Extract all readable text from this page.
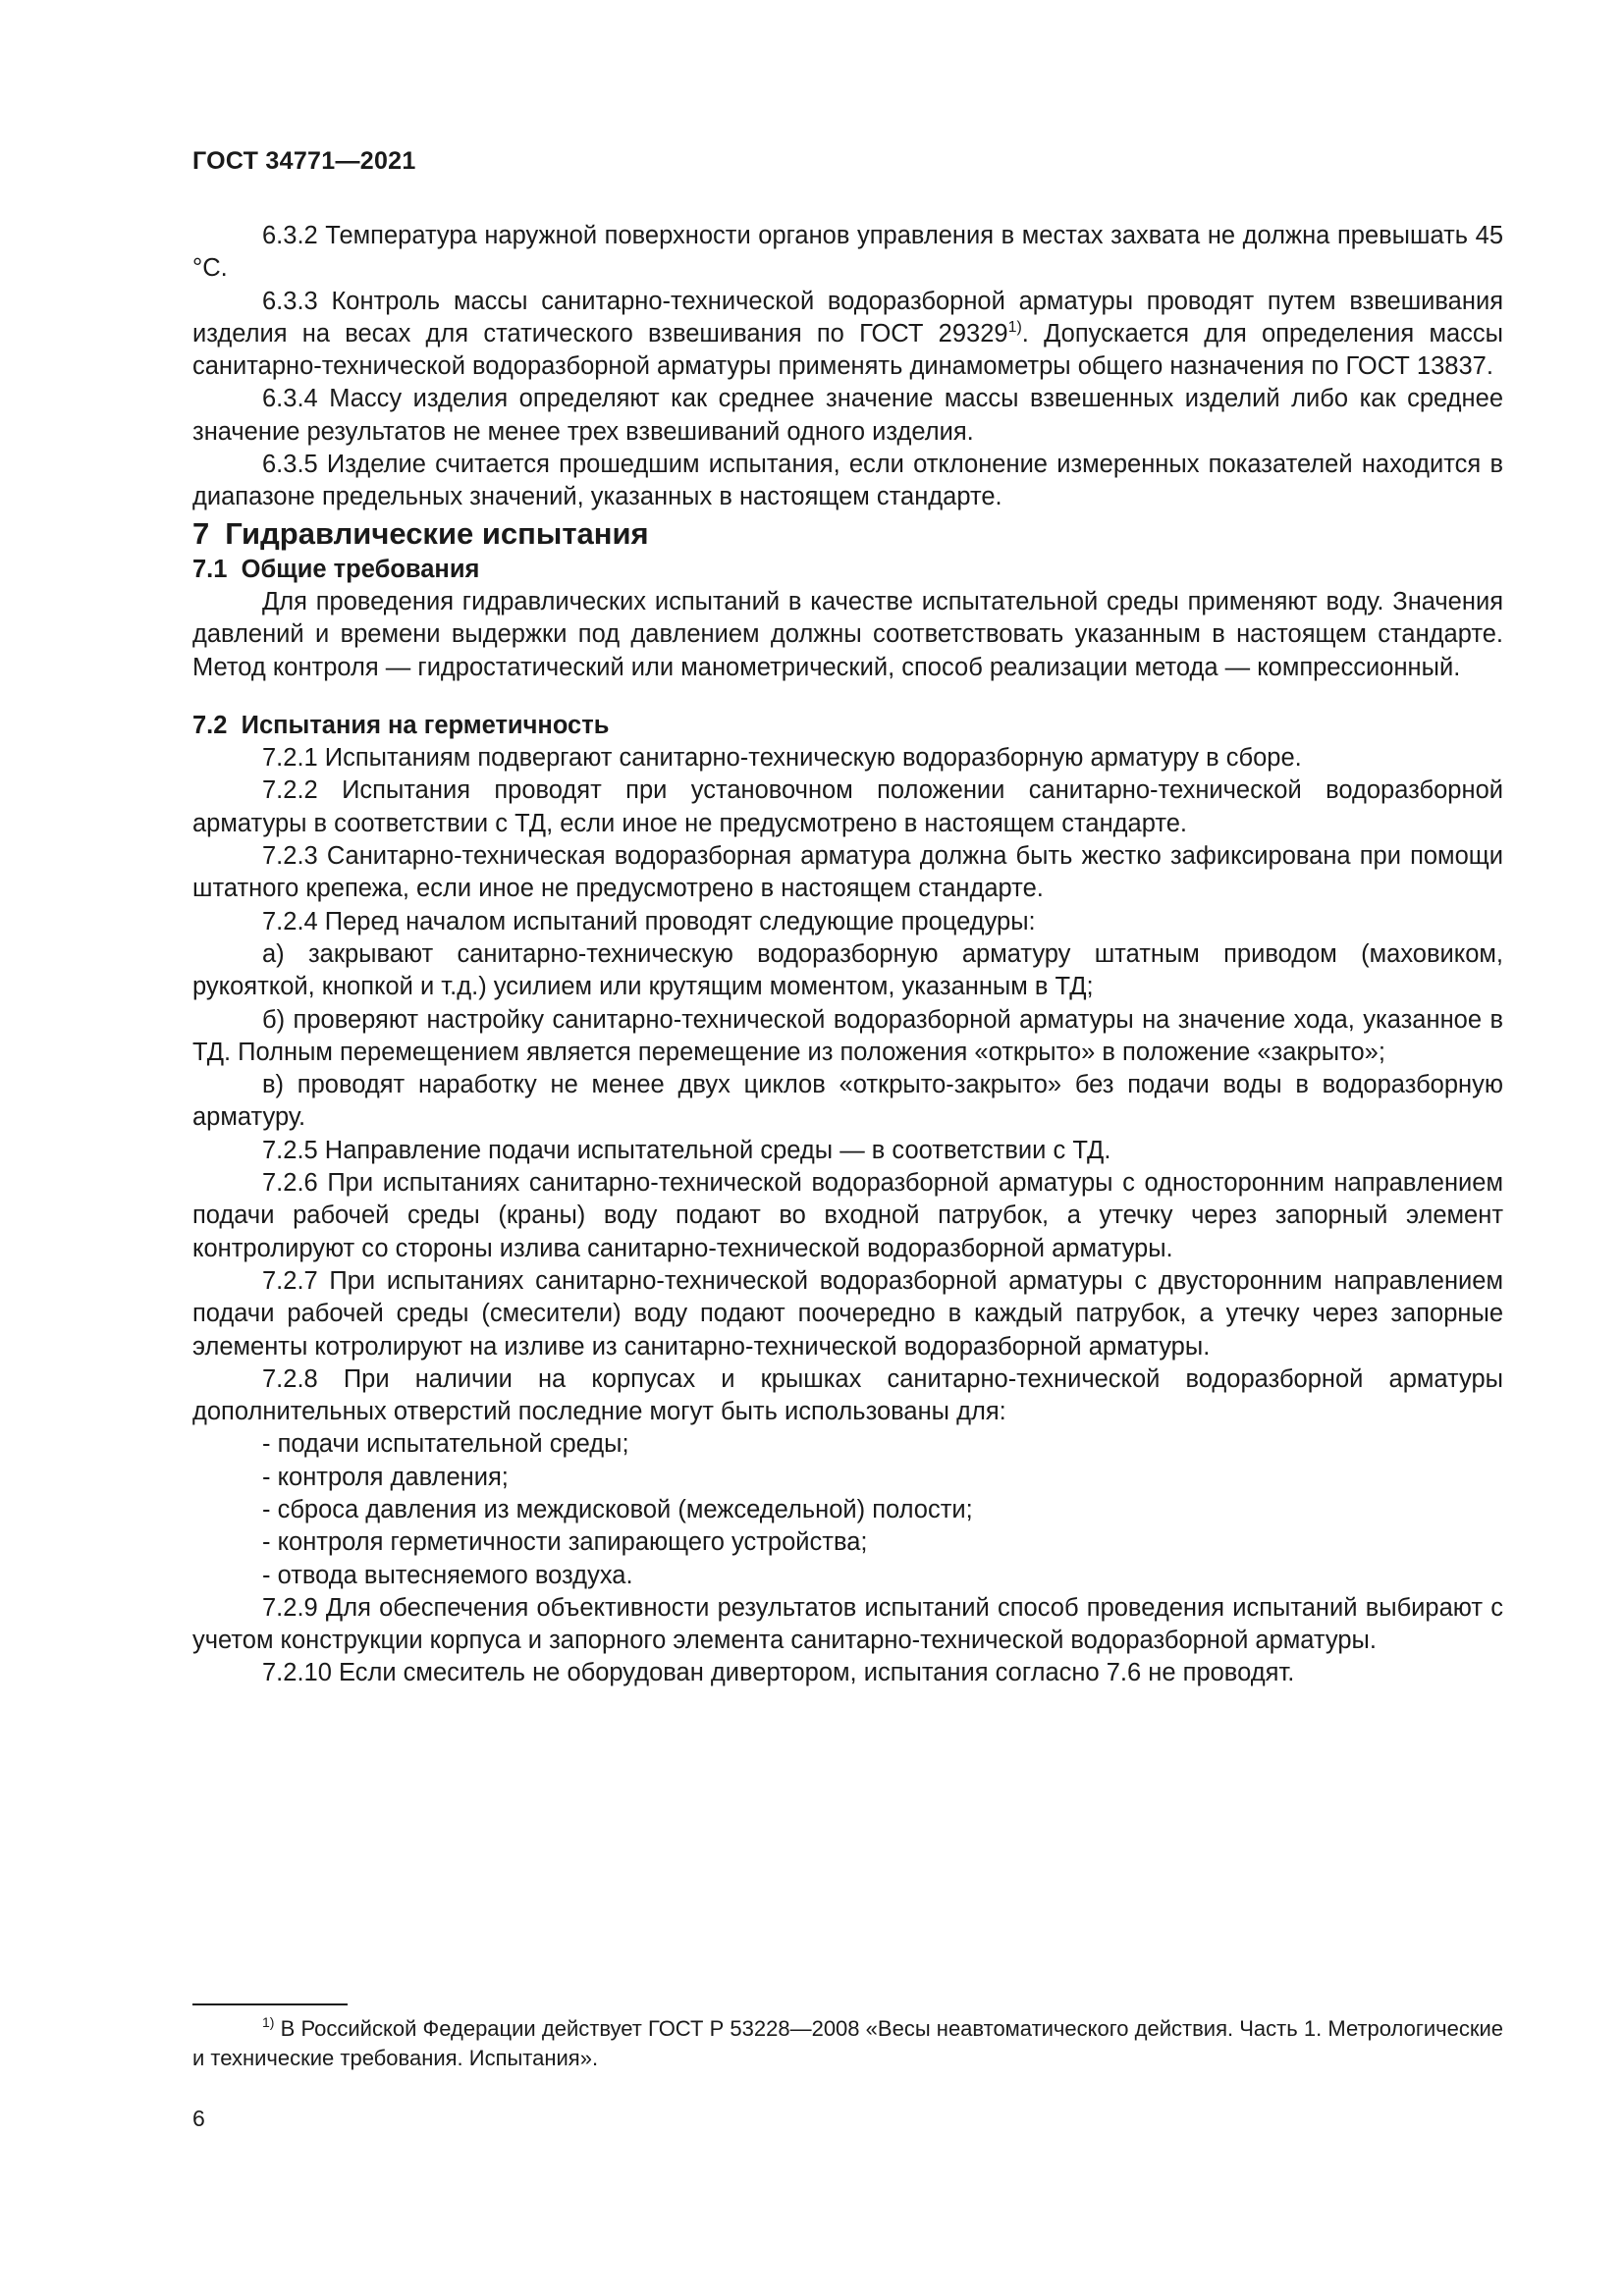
ГОСТ 34771—2021

6.3.2 Температура наружной поверхности органов управления в местах захвата не должна превышать 45 °C.

6.3.3 Контроль массы санитарно-технической водоразборной арматуры проводят путем взвешивания изделия на весах для статического взвешивания по ГОСТ 29329$^{1)}$. Допускается для определения массы санитарно-технической водоразборной арматуры применять динамометры общего назначения по ГОСТ 13837.

6.3.4 Массу изделия определяют как среднее значение массы взвешенных изделий либо как среднее значение результатов не менее трех взвешиваний одного изделия.

6.3.5 Изделие считается прошедшим испытания, если отклонение измеренных показателей находится в диапазоне предельных значений, указанных в настоящем стандарте.

7 Гидравлические испытания

7.1 Общие требования

Для проведения гидравлических испытаний в качестве испытательной среды применяют воду. Значения давлений и времени выдержки под давлением должны соответствовать указанным в настоящем стандарте. Метод контроля — гидростатический или манометрический, способ реализации метода — компрессионный.

7.2 Испытания на герметичность

7.2.1 Испытаниям подвергают санитарно-техническую водоразборную арматуру в сборе.

7.2.2 Испытания проводят при установочном положении санитарно-технической водоразборной арматуры в соответствии с ТД, если иное не предусмотрено в настоящем стандарте.

7.2.3 Санитарно-техническая водоразборная арматура должна быть жестко зафиксирована при помощи штатного крепежа, если иное не предусмотрено в настоящем стандарте.

7.2.4 Перед началом испытаний проводят следующие процедуры:

а) закрывают санитарно-техническую водоразборную арматуру штатным приводом (маховиком, рукояткой, кнопкой и т.д.) усилием или крутящим моментом, указанным в ТД;

б) проверяют настройку санитарно-технической водоразборной арматуры на значение хода, указанное в ТД. Полным перемещением является перемещение из положения «открыто» в положение «закрыто»;

в) проводят наработку не менее двух циклов «открыто-закрыто» без подачи воды в водоразборную арматуру.

7.2.5 Направление подачи испытательной среды — в соответствии с ТД.

7.2.6 При испытаниях санитарно-технической водоразборной арматуры с односторонним направлением подачи рабочей среды (краны) воду подают во входной патрубок, а утечку через запорный элемент контролируют со стороны излива санитарно-технической водоразборной арматуры.

7.2.7 При испытаниях санитарно-технической водоразборной арматуры с двусторонним направлением подачи рабочей среды (смесители) воду подают поочередно в каждый патрубок, а утечку через запорные элементы котролируют на изливе из санитарно-технической водоразборной арматуры.

7.2.8 При наличии на корпусах и крышках санитарно-технической водоразборной арматуры дополнительных отверстий последние могут быть использованы для:

- подачи испытательной среды;

- контроля давления;

- сброса давления из междисковой (межседельной) полости;

- контроля герметичности запирающего устройства;

- отвода вытесняемого воздуха.

7.2.9 Для обеспечения объективности результатов испытаний способ проведения испытаний выбирают с учетом конструкции корпуса и запорного элемента санитарно-технической водоразборной арматуры.

7.2.10 Если смеситель не оборудован дивертором, испытания согласно 7.6 не проводят.

$^{1)}$ В Российской Федерации действует ГОСТ Р 53228—2008 «Весы неавтоматического действия. Часть 1. Метрологические и технические требования. Испытания».

6
